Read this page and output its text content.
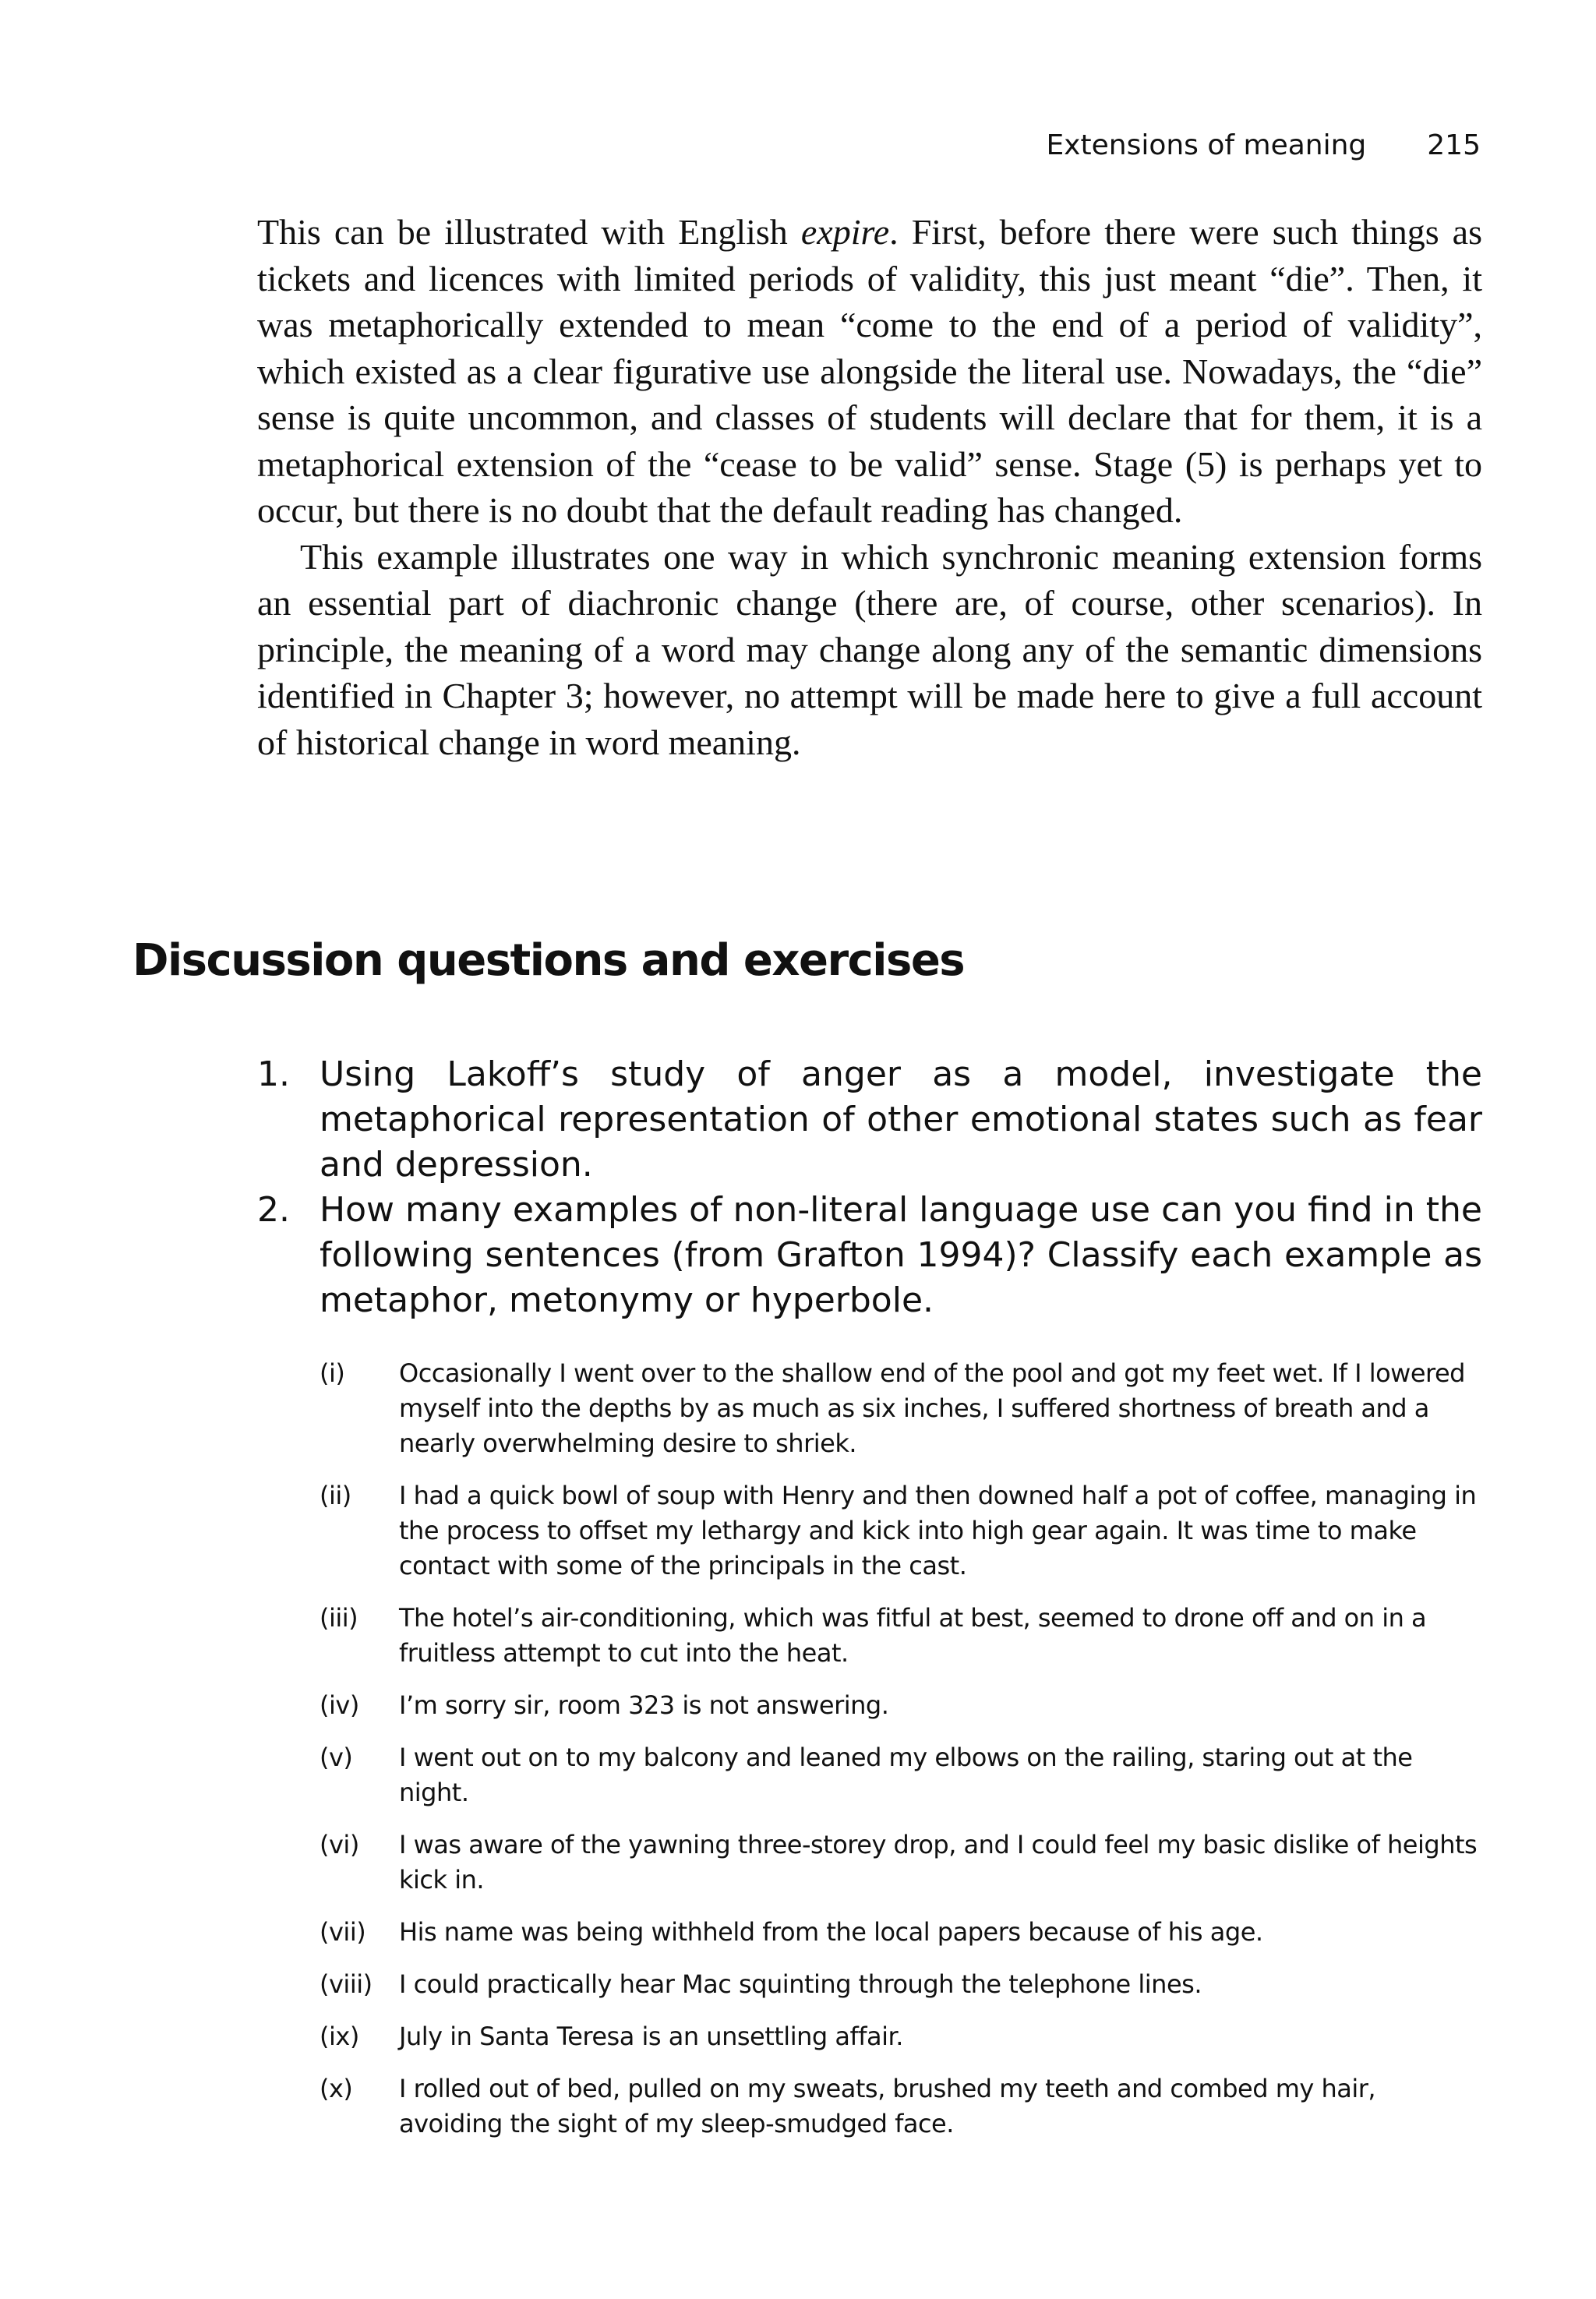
Extensions of meaning 215

This can be illustrated with English expire. First, before there were such things as tickets and licences with limited periods of validity, this just meant “die”. Then, it was metaphorically extended to mean “come to the end of a period of validity”, which existed as a clear figurative use alongside the literal use. Nowadays, the “die” sense is quite uncommon, and classes of students will declare that for them, it is a metaphorical extension of the “cease to be valid” sense. Stage (5) is perhaps yet to occur, but there is no doubt that the default reading has changed.

This example illustrates one way in which synchronic meaning extension forms an essential part of diachronic change (there are, of course, other scenarios). In principle, the meaning of a word may change along any of the semantic dimensions identified in Chapter 3; however, no attempt will be made here to give a full account of historical change in word meaning.

Discussion questions and exercises
1. Using Lakoff’s study of anger as a model, investigate the metaphorical representation of other emotional states such as fear and depression.
2. How many examples of non-literal language use can you find in the following sentences (from Grafton 1994)? Classify each example as metaphor, metonymy or hyperbole.
(i) Occasionally I went over to the shallow end of the pool and got my feet wet. If I lowered myself into the depths by as much as six inches, I suffered shortness of breath and a nearly overwhelming desire to shriek.
(ii) I had a quick bowl of soup with Henry and then downed half a pot of coffee, managing in the process to offset my lethargy and kick into high gear again. It was time to make contact with some of the principals in the cast.
(iii) The hotel’s air-conditioning, which was fitful at best, seemed to drone off and on in a fruitless attempt to cut into the heat.
(iv) I’m sorry sir, room 323 is not answering.
(v) I went out on to my balcony and leaned my elbows on the railing, staring out at the night.
(vi) I was aware of the yawning three-storey drop, and I could feel my basic dislike of heights kick in.
(vii) His name was being withheld from the local papers because of his age.
(viii) I could practically hear Mac squinting through the telephone lines.
(ix) July in Santa Teresa is an unsettling affair.
(x) I rolled out of bed, pulled on my sweats, brushed my teeth and combed my hair, avoiding the sight of my sleep-smudged face.
